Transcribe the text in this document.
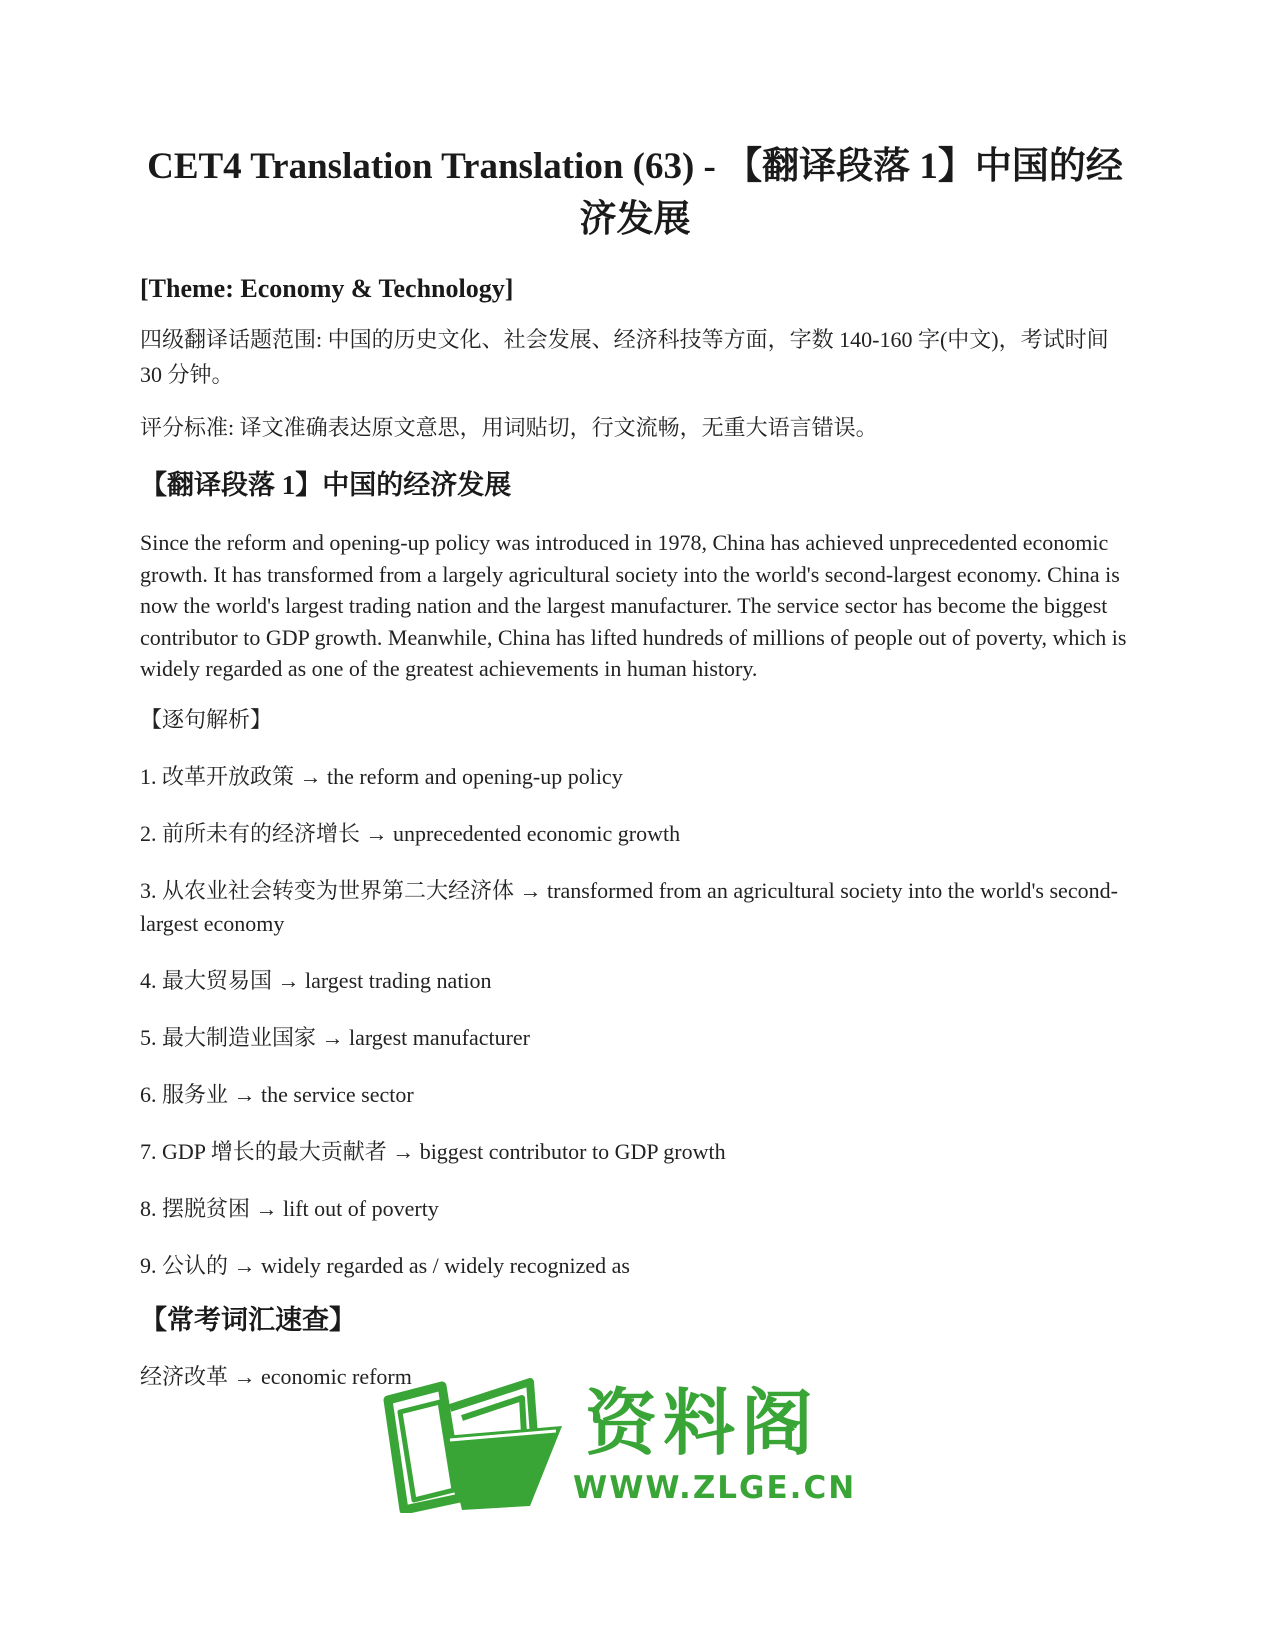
CET4 Translation Translation (63) - 【翻译段落 1】中国的经济发展
[Theme: Economy & Technology]

四级翻译话题范围: 中国的历史文化、社会发展、经济科技等方面，字数 140-160 字(中文)，考试时间 30 分钟。

评分标准: 译文准确表达原文意思，用词贴切，行文流畅，无重大语言错误。

【翻译段落 1】中国的经济发展

Since the reform and opening-up policy was introduced in 1978, China has achieved unprecedented economic growth. It has transformed from a largely agricultural society into the world's second-largest economy. China is now the world's largest trading nation and the largest manufacturer. The service sector has become the biggest contributor to GDP growth. Meanwhile, China has lifted hundreds of millions of people out of poverty, which is widely regarded as one of the greatest achievements in human history.

【逐句解析】

1. 改革开放政策 → the reform and opening-up policy

2. 前所未有的经济增长 → unprecedented economic growth

3. 从农业社会转变为世界第二大经济体 → transformed from an agricultural society into the world's second-largest economy

4. 最大贸易国 → largest trading nation

5. 最大制造业国家 → largest manufacturer

6. 服务业 → the service sector

7. GDP 增长的最大贡献者 → biggest contributor to GDP growth

8. 摆脱贫困 → lift out of poverty

9. 公认的 → widely regarded as / widely recognized as

【常考词汇速查】

经济改革 → economic reform

资料阁
WWW.ZLGE.CN
